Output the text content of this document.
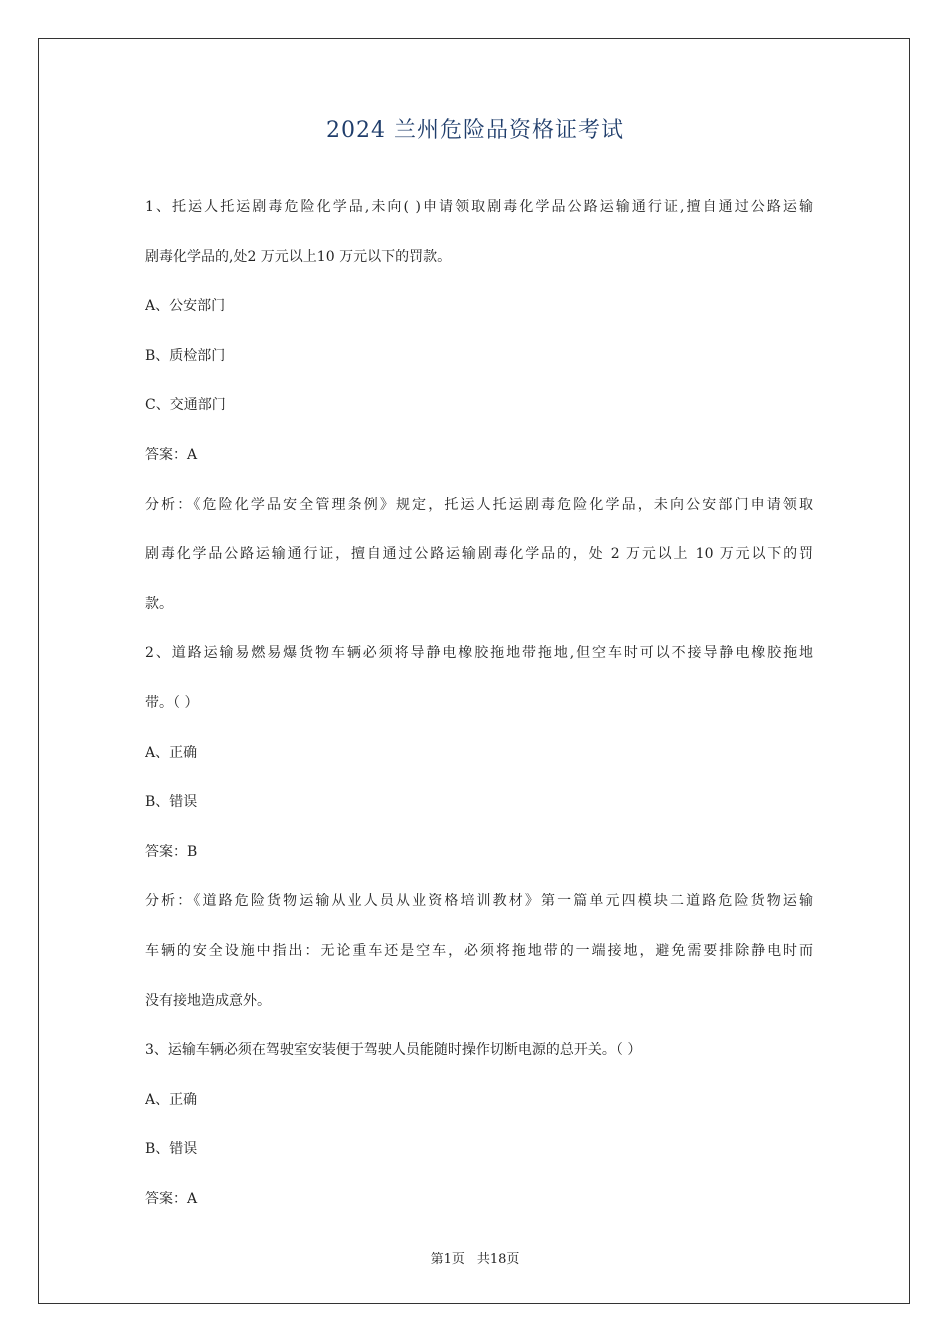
2024 兰州危险品资格证考试
1、托运人托运剧毒危险化学品,未向( )申请领取剧毒化学品公路运输通行证,擅自通过公路运输
剧毒化学品的,处2 万元以上10 万元以下的罚款。
A、公安部门
B、质检部门
C、交通部门
答案：A
分析：《危险化学品安全管理条例》规定，托运人托运剧毒危险化学品，未向公安部门申请领取
剧毒化学品公路运输通行证，擅自通过公路运输剧毒化学品的，处 2 万元以上 10 万元以下的罚
款。
2、道路运输易燃易爆货物车辆必须将导静电橡胶拖地带拖地,但空车时可以不接导静电橡胶拖地
带。（ ）
A、正确
B、错误
答案：B
分析：《道路危险货物运输从业人员从业资格培训教材》第一篇单元四模块二道路危险货物运输
车辆的安全设施中指出：无论重车还是空车，必须将拖地带的一端接地，避免需要排除静电时而
没有接地造成意外。
3、运输车辆必须在驾驶室安装便于驾驶人员能随时操作切断电源的总开关。（ ）
A、正确
B、错误
答案：A
第1页 共18页
